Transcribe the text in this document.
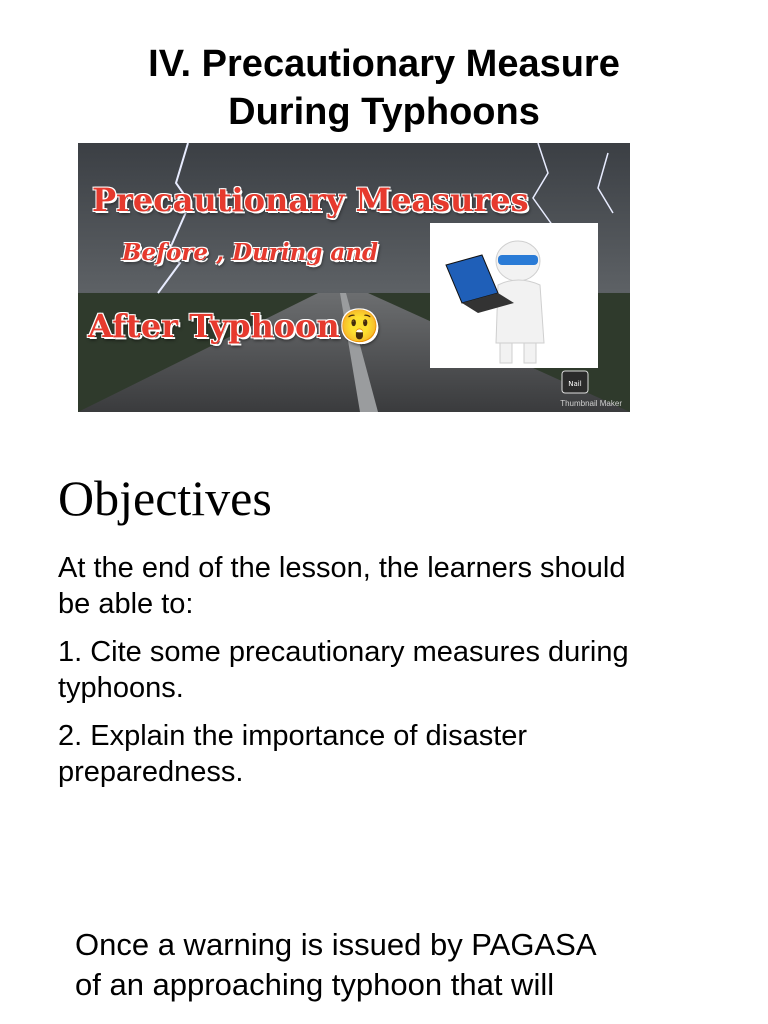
IV. Precautionary Measure
During Typhoons
Nail
Precautionary Measures
Before , During and
After Typhoon😲
Thumbnail Maker
Objectives

At the end of the lesson, the learners should
be able to:

1. Cite some precautionary measures during
typhoons.

2. Explain the importance of disaster
preparedness.

Once a warning is issued by PAGASA

of an approaching typhoon that will
